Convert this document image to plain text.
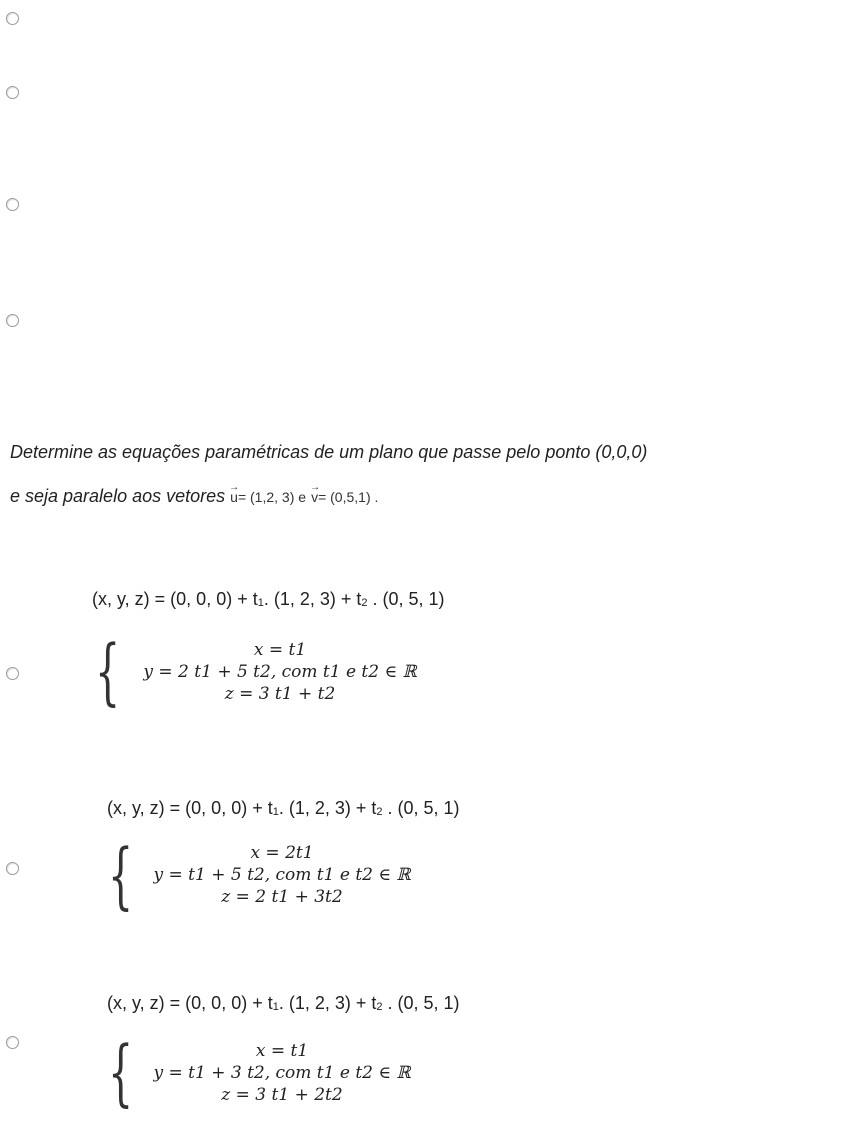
Determine as equações paramétricas de um plano que passe pelo ponto (0,0,0)
e seja paralelo aos vetores → u= (1,2, 3) e → v= (0,5,1) .
(x, y, z) = (0, 0, $0) + t_1$. (1, 2, $3) + t_2$ . (0, 5, 1)
{	x = t1
y = 2 t1 + 5 t2, com t1 e t2 ∈ ℝ
z = 3 t1 + t2
(x, y, z) = (0, 0, $0) + t_1$. (1, 2, $3) + t_2$ . (0, 5, 1)
{	x = 2t1
y = t1 + 5 t2, com t1 e t2 ∈ ℝ
z = 2 t1 + 3t2
(x, y, z) = (0, 0, $0) + t_1$. (1, 2, $3) + t_2$ . (0, 5, 1)
{	x = t1
y = t1 + 3 t2, com t1 e t2 ∈ ℝ
z = 3 t1 + 2t2
